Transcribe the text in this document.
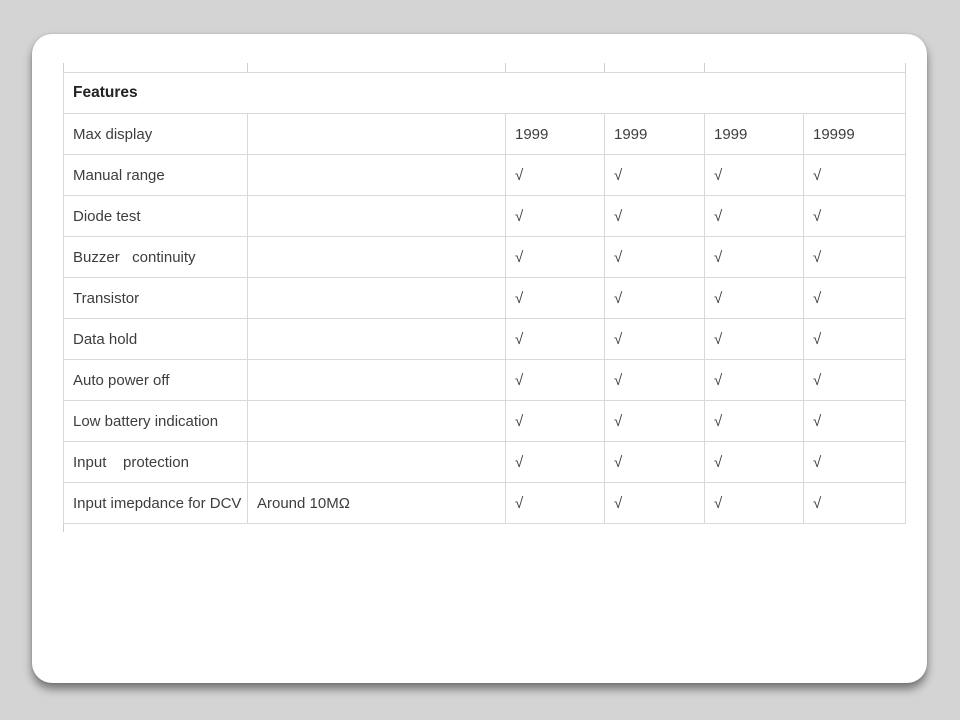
Features					
Max display		1999	1999	1999	19999
Manual range		√	√	√	√
Diode test		√	√	√	√
Buzzer   continuity		√	√	√	√
Transistor		√	√	√	√
Data hold		√	√	√	√
Auto power off		√	√	√	√
Low battery indication		√	√	√	√
Input    protection		√	√	√	√
Input imepdance for DCV	Around 10MΩ	√	√	√	√
